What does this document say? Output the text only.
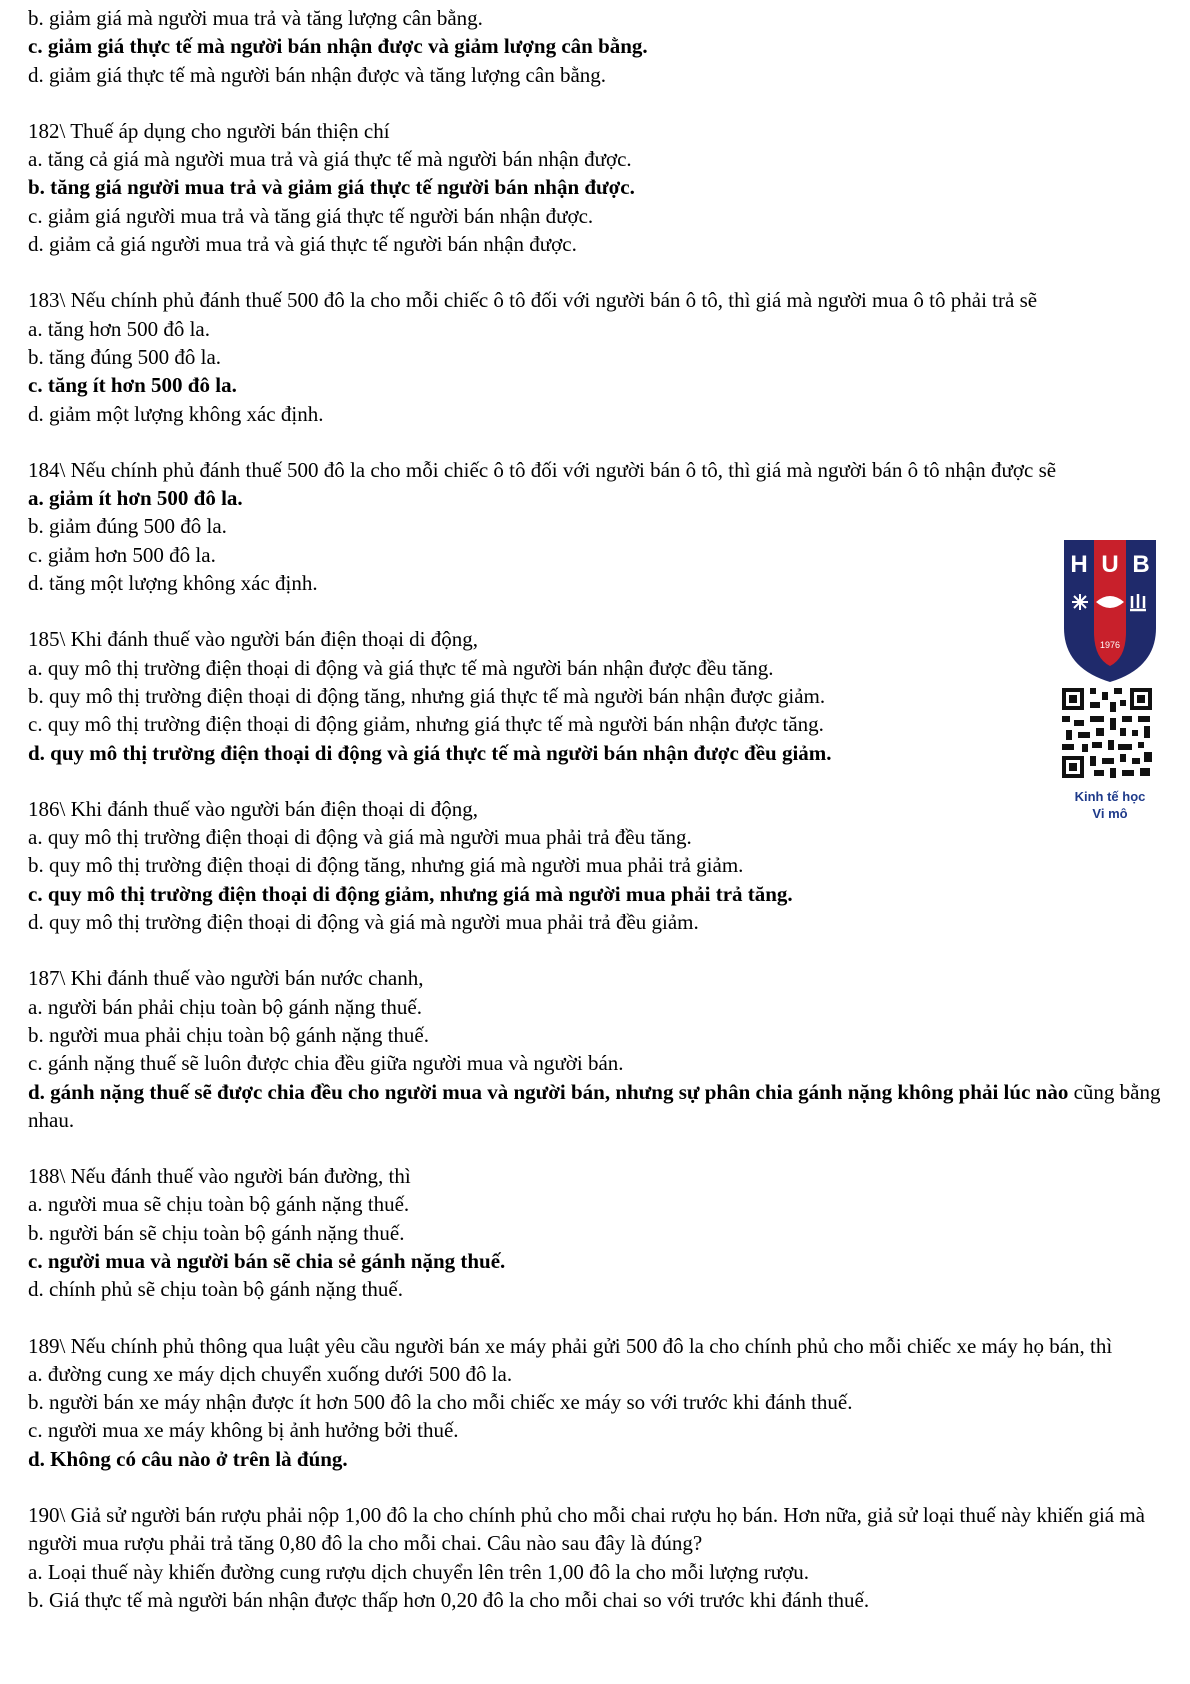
b. giảm giá mà người mua trả và tăng lượng cân bằng.

c. giảm giá thực tế mà người bán nhận được và giảm lượng cân bằng.

d. giảm giá thực tế mà người bán nhận được và tăng lượng cân bằng.

182\ Thuế áp dụng cho người bán thiện chí

a. tăng cả giá mà người mua trả và giá thực tế mà người bán nhận được.

b. tăng giá người mua trả và giảm giá thực tế người bán nhận được.

c. giảm giá người mua trả và tăng giá thực tế người bán nhận được.

d. giảm cả giá người mua trả và giá thực tế người bán nhận được.

183\ Nếu chính phủ đánh thuế 500 đô la cho mỗi chiếc ô tô đối với người bán ô tô, thì giá mà người mua ô tô phải trả sẽ

a. tăng hơn 500 đô la.

b. tăng đúng 500 đô la.

c. tăng ít hơn 500 đô la.

d. giảm một lượng không xác định.

184\ Nếu chính phủ đánh thuế 500 đô la cho mỗi chiếc ô tô đối với người bán ô tô, thì giá mà người bán ô tô nhận được sẽ

a. giảm ít hơn 500 đô la.

b. giảm đúng 500 đô la.

c. giảm hơn 500 đô la.

d. tăng một lượng không xác định.

185\ Khi đánh thuế vào người bán điện thoại di động,

a. quy mô thị trường điện thoại di động và giá thực tế mà người bán nhận được đều tăng.

b. quy mô thị trường điện thoại di động tăng, nhưng giá thực tế mà người bán nhận được giảm.

c. quy mô thị trường điện thoại di động giảm, nhưng giá thực tế mà người bán nhận được tăng.

d. quy mô thị trường điện thoại di động và giá thực tế mà người bán nhận được đều giảm.

186\ Khi đánh thuế vào người bán điện thoại di động,

a. quy mô thị trường điện thoại di động và giá mà người mua phải trả đều tăng.

b. quy mô thị trường điện thoại di động tăng, nhưng giá mà người mua phải trả giảm.

c. quy mô thị trường điện thoại di động giảm, nhưng giá mà người mua phải trả tăng.

d. quy mô thị trường điện thoại di động và giá mà người mua phải trả đều giảm.

187\ Khi đánh thuế vào người bán nước chanh,

a. người bán phải chịu toàn bộ gánh nặng thuế.

b. người mua phải chịu toàn bộ gánh nặng thuế.

c. gánh nặng thuế sẽ luôn được chia đều giữa người mua và người bán.

d. gánh nặng thuế sẽ được chia đều cho người mua và người bán, nhưng sự phân chia gánh nặng không phải lúc nào cũng bằng nhau.

188\ Nếu đánh thuế vào người bán đường, thì

a. người mua sẽ chịu toàn bộ gánh nặng thuế.

b. người bán sẽ chịu toàn bộ gánh nặng thuế.

c. người mua và người bán sẽ chia sẻ gánh nặng thuế.

d. chính phủ sẽ chịu toàn bộ gánh nặng thuế.

189\ Nếu chính phủ thông qua luật yêu cầu người bán xe máy phải gửi 500 đô la cho chính phủ cho mỗi chiếc xe máy họ bán, thì

a. đường cung xe máy dịch chuyển xuống dưới 500 đô la.

b. người bán xe máy nhận được ít hơn 500 đô la cho mỗi chiếc xe máy so với trước khi đánh thuế.

c. người mua xe máy không bị ảnh hưởng bởi thuế.

d. Không có câu nào ở trên là đúng.

190\ Giả sử người bán rượu phải nộp 1,00 đô la cho chính phủ cho mỗi chai rượu họ bán. Hơn nữa, giả sử loại thuế này khiến giá mà người mua rượu phải trả tăng 0,80 đô la cho mỗi chai. Câu nào sau đây là đúng?

a. Loại thuế này khiến đường cung rượu dịch chuyển lên trên 1,00 đô la cho mỗi lượng rượu.

b. Giá thực tế mà người bán nhận được thấp hơn 0,20 đô la cho mỗi chai so với trước khi đánh thuế.

H U B
1976
Kinh tế học
Vi mô
